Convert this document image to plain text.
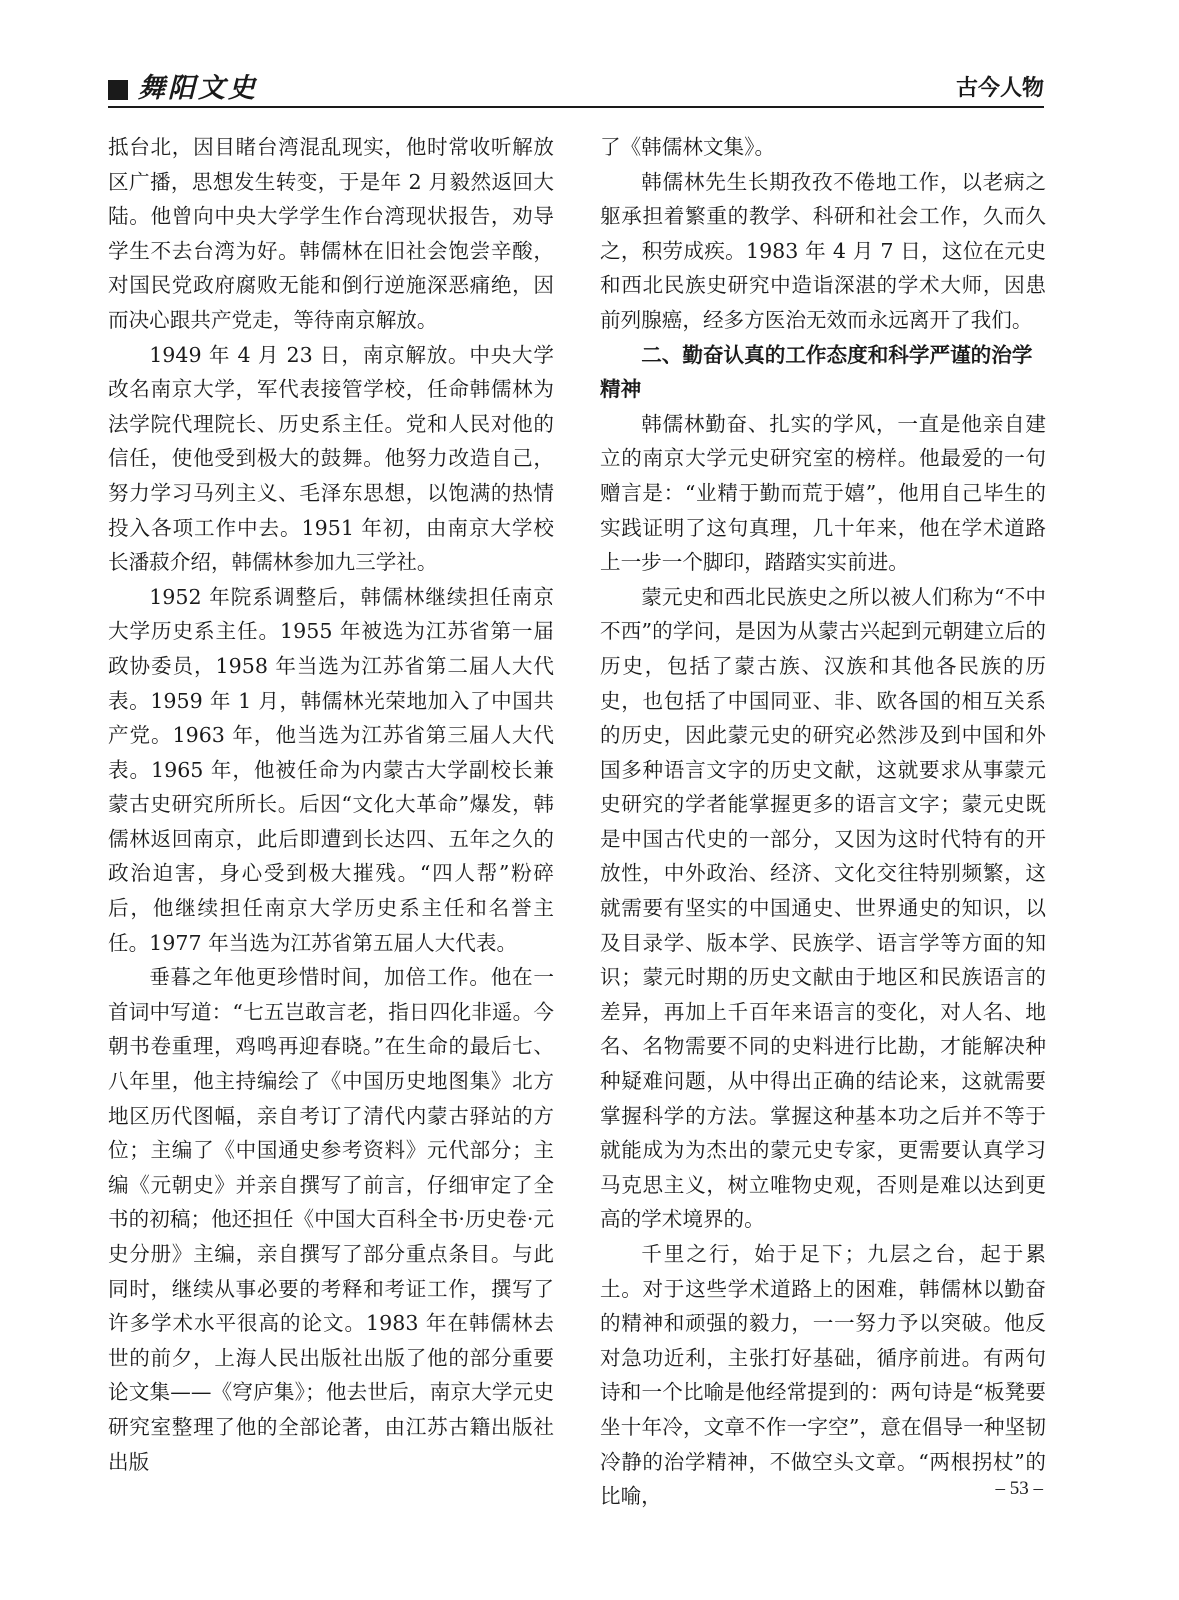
舞阳文史	古今人物

抵台北，因目睹台湾混乱现实，他时常收听解放区广播，思想发生转变，于是年 2 月毅然返回大陆。他曾向中央大学学生作台湾现状报告，劝导学生不去台湾为好。韩儒林在旧社会饱尝辛酸，对国民党政府腐败无能和倒行逆施深恶痛绝，因而决心跟共产党走，等待南京解放。

1949 年 4 月 23 日，南京解放。中央大学改名南京大学，军代表接管学校，任命韩儒林为法学院代理院长、历史系主任。党和人民对他的信任，使他受到极大的鼓舞。他努力改造自己，努力学习马列主义、毛泽东思想，以饱满的热情投入各项工作中去。1951 年初，由南京大学校长潘菽介绍，韩儒林参加九三学社。

1952 年院系调整后，韩儒林继续担任南京大学历史系主任。1955 年被选为江苏省第一届政协委员，1958 年当选为江苏省第二届人大代表。1959 年 1 月，韩儒林光荣地加入了中国共产党。1963 年，他当选为江苏省第三届人大代表。1965 年，他被任命为内蒙古大学副校长兼蒙古史研究所所长。后因“文化大革命”爆发，韩儒林返回南京，此后即遭到长达四、五年之久的政治迫害，身心受到极大摧残。“四人帮”粉碎后，他继续担任南京大学历史系主任和名誉主任。1977 年当选为江苏省第五届人大代表。

垂暮之年他更珍惜时间，加倍工作。他在一首词中写道：“七五岂敢言老，指日四化非遥。今朝书卷重理，鸡鸣再迎春晓。”在生命的最后七、八年里，他主持编绘了《中国历史地图集》北方地区历代图幅，亲自考订了清代内蒙古驿站的方位；主编了《中国通史参考资料》元代部分；主编《元朝史》并亲自撰写了前言，仔细审定了全书的初稿；他还担任《中国大百科全书·历史卷·元史分册》主编，亲自撰写了部分重点条目。与此同时，继续从事必要的考释和考证工作，撰写了许多学术水平很高的论文。1983 年在韩儒林去世的前夕，上海人民出版社出版了他的部分重要论文集——《穹庐集》；他去世后，南京大学元史研究室整理了他的全部论著，由江苏古籍出版社出版

了《韩儒林文集》。

韩儒林先生长期孜孜不倦地工作，以老病之躯承担着繁重的教学、科研和社会工作，久而久之，积劳成疾。1983 年 4 月 7 日，这位在元史和西北民族史研究中造诣深湛的学术大师，因患前列腺癌，经多方医治无效而永远离开了我们。

二、勤奋认真的工作态度和科学严谨的治学精神

韩儒林勤奋、扎实的学风，一直是他亲自建立的南京大学元史研究室的榜样。他最爱的一句赠言是：“业精于勤而荒于嬉”，他用自己毕生的实践证明了这句真理，几十年来，他在学术道路上一步一个脚印，踏踏实实前进。

蒙元史和西北民族史之所以被人们称为“不中不西”的学问，是因为从蒙古兴起到元朝建立后的历史，包括了蒙古族、汉族和其他各民族的历史，也包括了中国同亚、非、欧各国的相互关系的历史，因此蒙元史的研究必然涉及到中国和外国多种语言文字的历史文献，这就要求从事蒙元史研究的学者能掌握更多的语言文字；蒙元史既是中国古代史的一部分，又因为这时代特有的开放性，中外政治、经济、文化交往特别频繁，这就需要有坚实的中国通史、世界通史的知识，以及目录学、版本学、民族学、语言学等方面的知识；蒙元时期的历史文献由于地区和民族语言的差异，再加上千百年来语言的变化，对人名、地名、名物需要不同的史料进行比勘，才能解决种种疑难问题，从中得出正确的结论来，这就需要掌握科学的方法。掌握这种基本功之后并不等于就能成为为杰出的蒙元史专家，更需要认真学习马克思主义，树立唯物史观，否则是难以达到更高的学术境界的。

千里之行，始于足下；九层之台，起于累土。对于这些学术道路上的困难，韩儒林以勤奋的精神和顽强的毅力，一一努力予以突破。他反对急功近利，主张打好基础，循序前进。有两句诗和一个比喻是他经常提到的：两句诗是“板凳要坐十年冷，文章不作一字空”，意在倡导一种坚韧冷静的治学精神，不做空头文章。“两根拐杖”的比喻，	– 53 –
